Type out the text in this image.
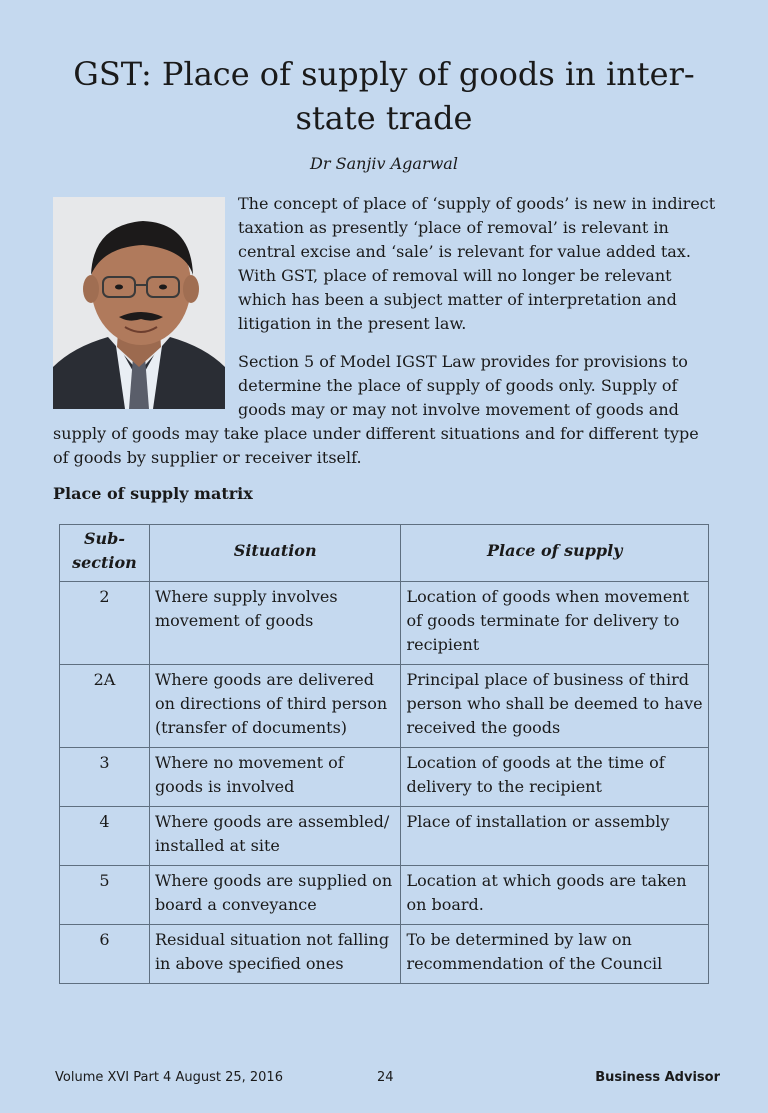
GST: Place of supply of goods in inter-state trade
Dr Sanjiv Agarwal

The concept of place of ‘supply of goods’ is new in indirect taxation as presently ‘place of removal’ is relevant in central excise and ‘sale’ is relevant for value added tax. With GST, place of removal will no longer be relevant which has been a subject matter of interpretation and litigation in the present law.

Section 5 of Model IGST Law provides for provisions to determine the place of supply of goods only. Supply of goods may or may not involve movement of goods and

supply of goods may take place under different situations and for different type of goods by supplier or receiver itself.

Place of supply matrix
Sub-section	Situation	Place of supply
2	Where supply involves movement of goods	Location of goods when movement of goods terminate for delivery to recipient
2A	Where goods are delivered on directions of third person (transfer of documents)	Principal place of business of third person who shall be deemed to have received the goods
3	Where no movement of goods is involved	Location of goods at the time of delivery to the recipient
4	Where goods are assembled/ installed at site	Place of installation or assembly
5	Where goods are supplied on board a conveyance	Location at which goods are taken on board.
6	Residual situation not falling in above specified ones	To be determined by law on recommendation of the Council
Volume XVI Part 4 August 25, 2016	24	Business Advisor
